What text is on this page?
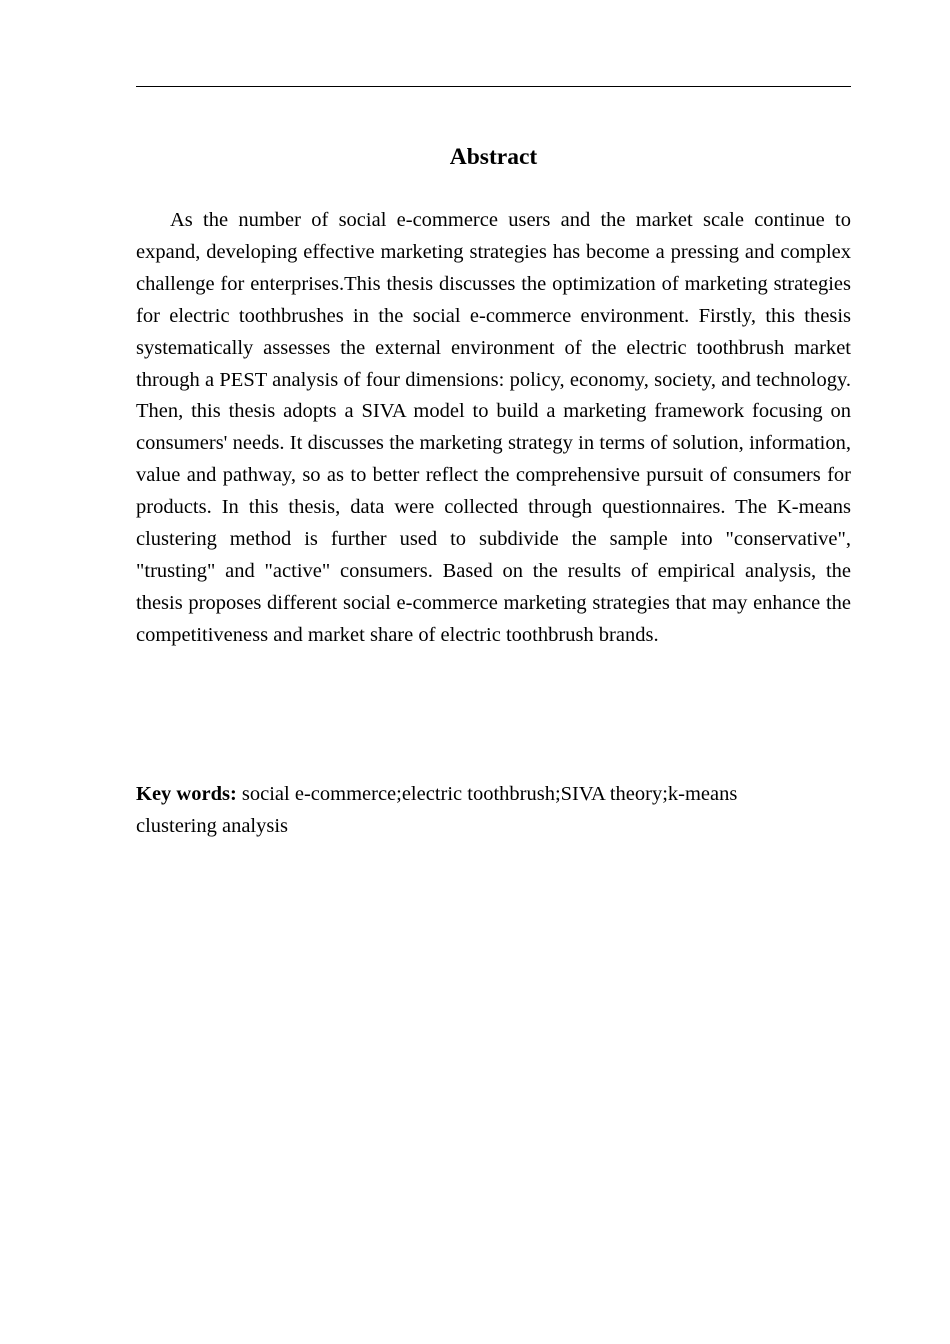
Abstract

As the number of social e-commerce users and the market scale continue to expand, developing effective marketing strategies has become a pressing and complex challenge for enterprises.This thesis discusses the optimization of marketing strategies for electric toothbrushes in the social e-commerce environment. Firstly, this thesis systematically assesses the external environment of the electric toothbrush market through a PEST analysis of four dimensions: policy, economy, society, and technology. Then, this thesis adopts a SIVA model to build a marketing framework focusing on consumers' needs. It discusses the marketing strategy in terms of solution, information, value and pathway, so as to better reflect the comprehensive pursuit of consumers for products. In this thesis, data were collected through questionnaires. The K-means clustering method is further used to subdivide the sample into "conservative", "trusting" and "active" consumers. Based on the results of empirical analysis, the thesis proposes different social e-commerce marketing strategies that may enhance the competitiveness and market share of electric toothbrush brands.

Key words: social e-commerce;electric toothbrush;SIVA theory;k-means
clustering analysis
